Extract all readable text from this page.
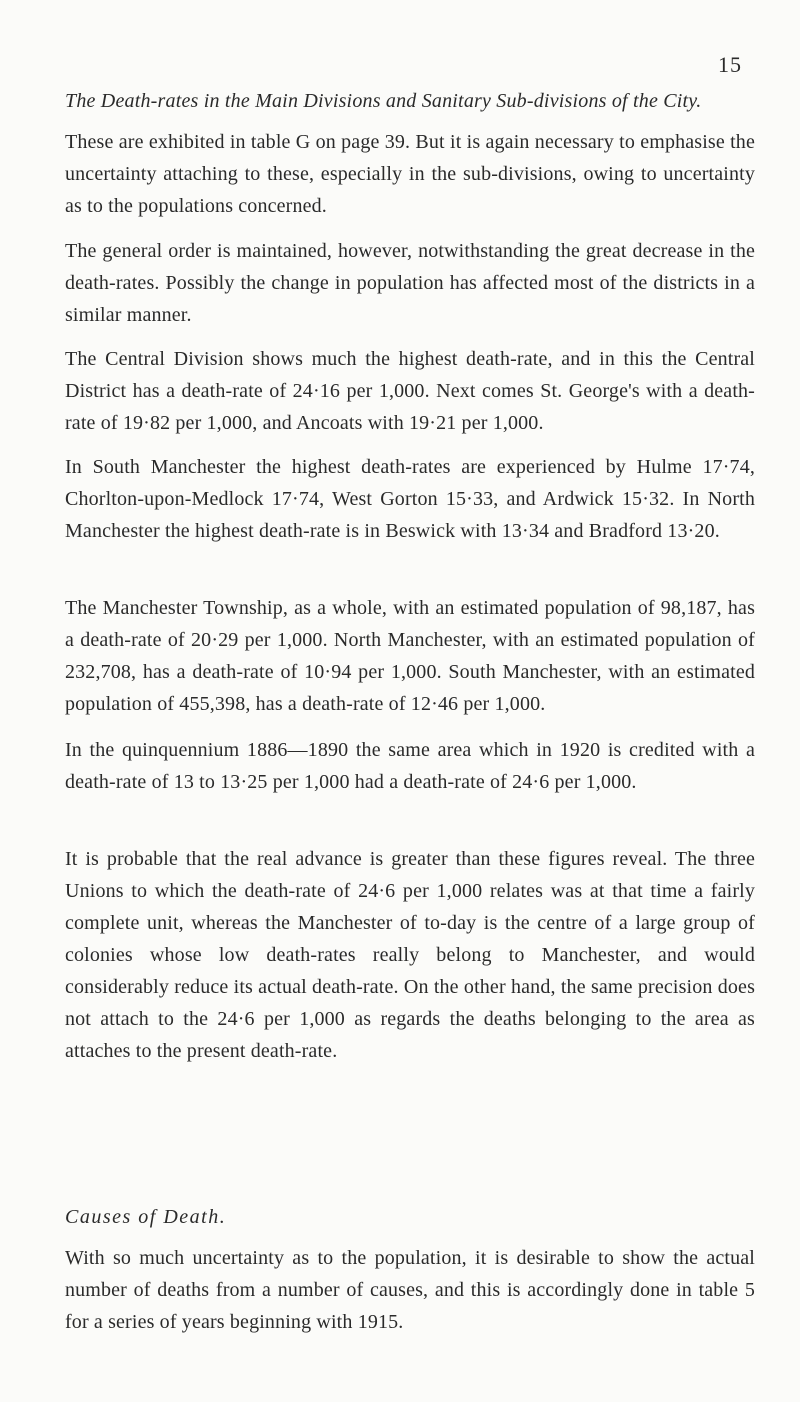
15
The Death-rates in the Main Divisions and Sanitary Sub-divisions of the City.

These are exhibited in table G on page 39. But it is again necessary to emphasise the uncertainty attaching to these, especially in the sub-divisions, owing to uncertainty as to the populations concerned.

The general order is maintained, however, notwithstanding the great decrease in the death-rates. Possibly the change in population has affected most of the districts in a similar manner.

The Central Division shows much the highest death-rate, and in this the Central District has a death-rate of 24·16 per 1,000. Next comes St. George's with a death-rate of 19·82 per 1,000, and Ancoats with 19·21 per 1,000.

In South Manchester the highest death-rates are experienced by Hulme 17·74, Chorlton-upon-Medlock 17·74, West Gorton 15·33, and Ardwick 15·32. In North Manchester the highest death-rate is in Beswick with 13·34 and Bradford 13·20.

The Manchester Township, as a whole, with an estimated population of 98,187, has a death-rate of 20·29 per 1,000. North Manchester, with an estimated population of 232,708, has a death-rate of 10·94 per 1,000. South Manchester, with an estimated population of 455,398, has a death-rate of 12·46 per 1,000.

In the quinquennium 1886—1890 the same area which in 1920 is credited with a death-rate of 13 to 13·25 per 1,000 had a death-rate of 24·6 per 1,000.

It is probable that the real advance is greater than these figures reveal. The three Unions to which the death-rate of 24·6 per 1,000 relates was at that time a fairly complete unit, whereas the Manchester of to-day is the centre of a large group of colonies whose low death-rates really belong to Manchester, and would considerably reduce its actual death-rate. On the other hand, the same precision does not attach to the 24·6 per 1,000 as regards the deaths belonging to the area as attaches to the present death-rate.

Causes of Death.

With so much uncertainty as to the population, it is desirable to show the actual number of deaths from a number of causes, and this is accordingly done in table 5 for a series of years beginning with 1915.
